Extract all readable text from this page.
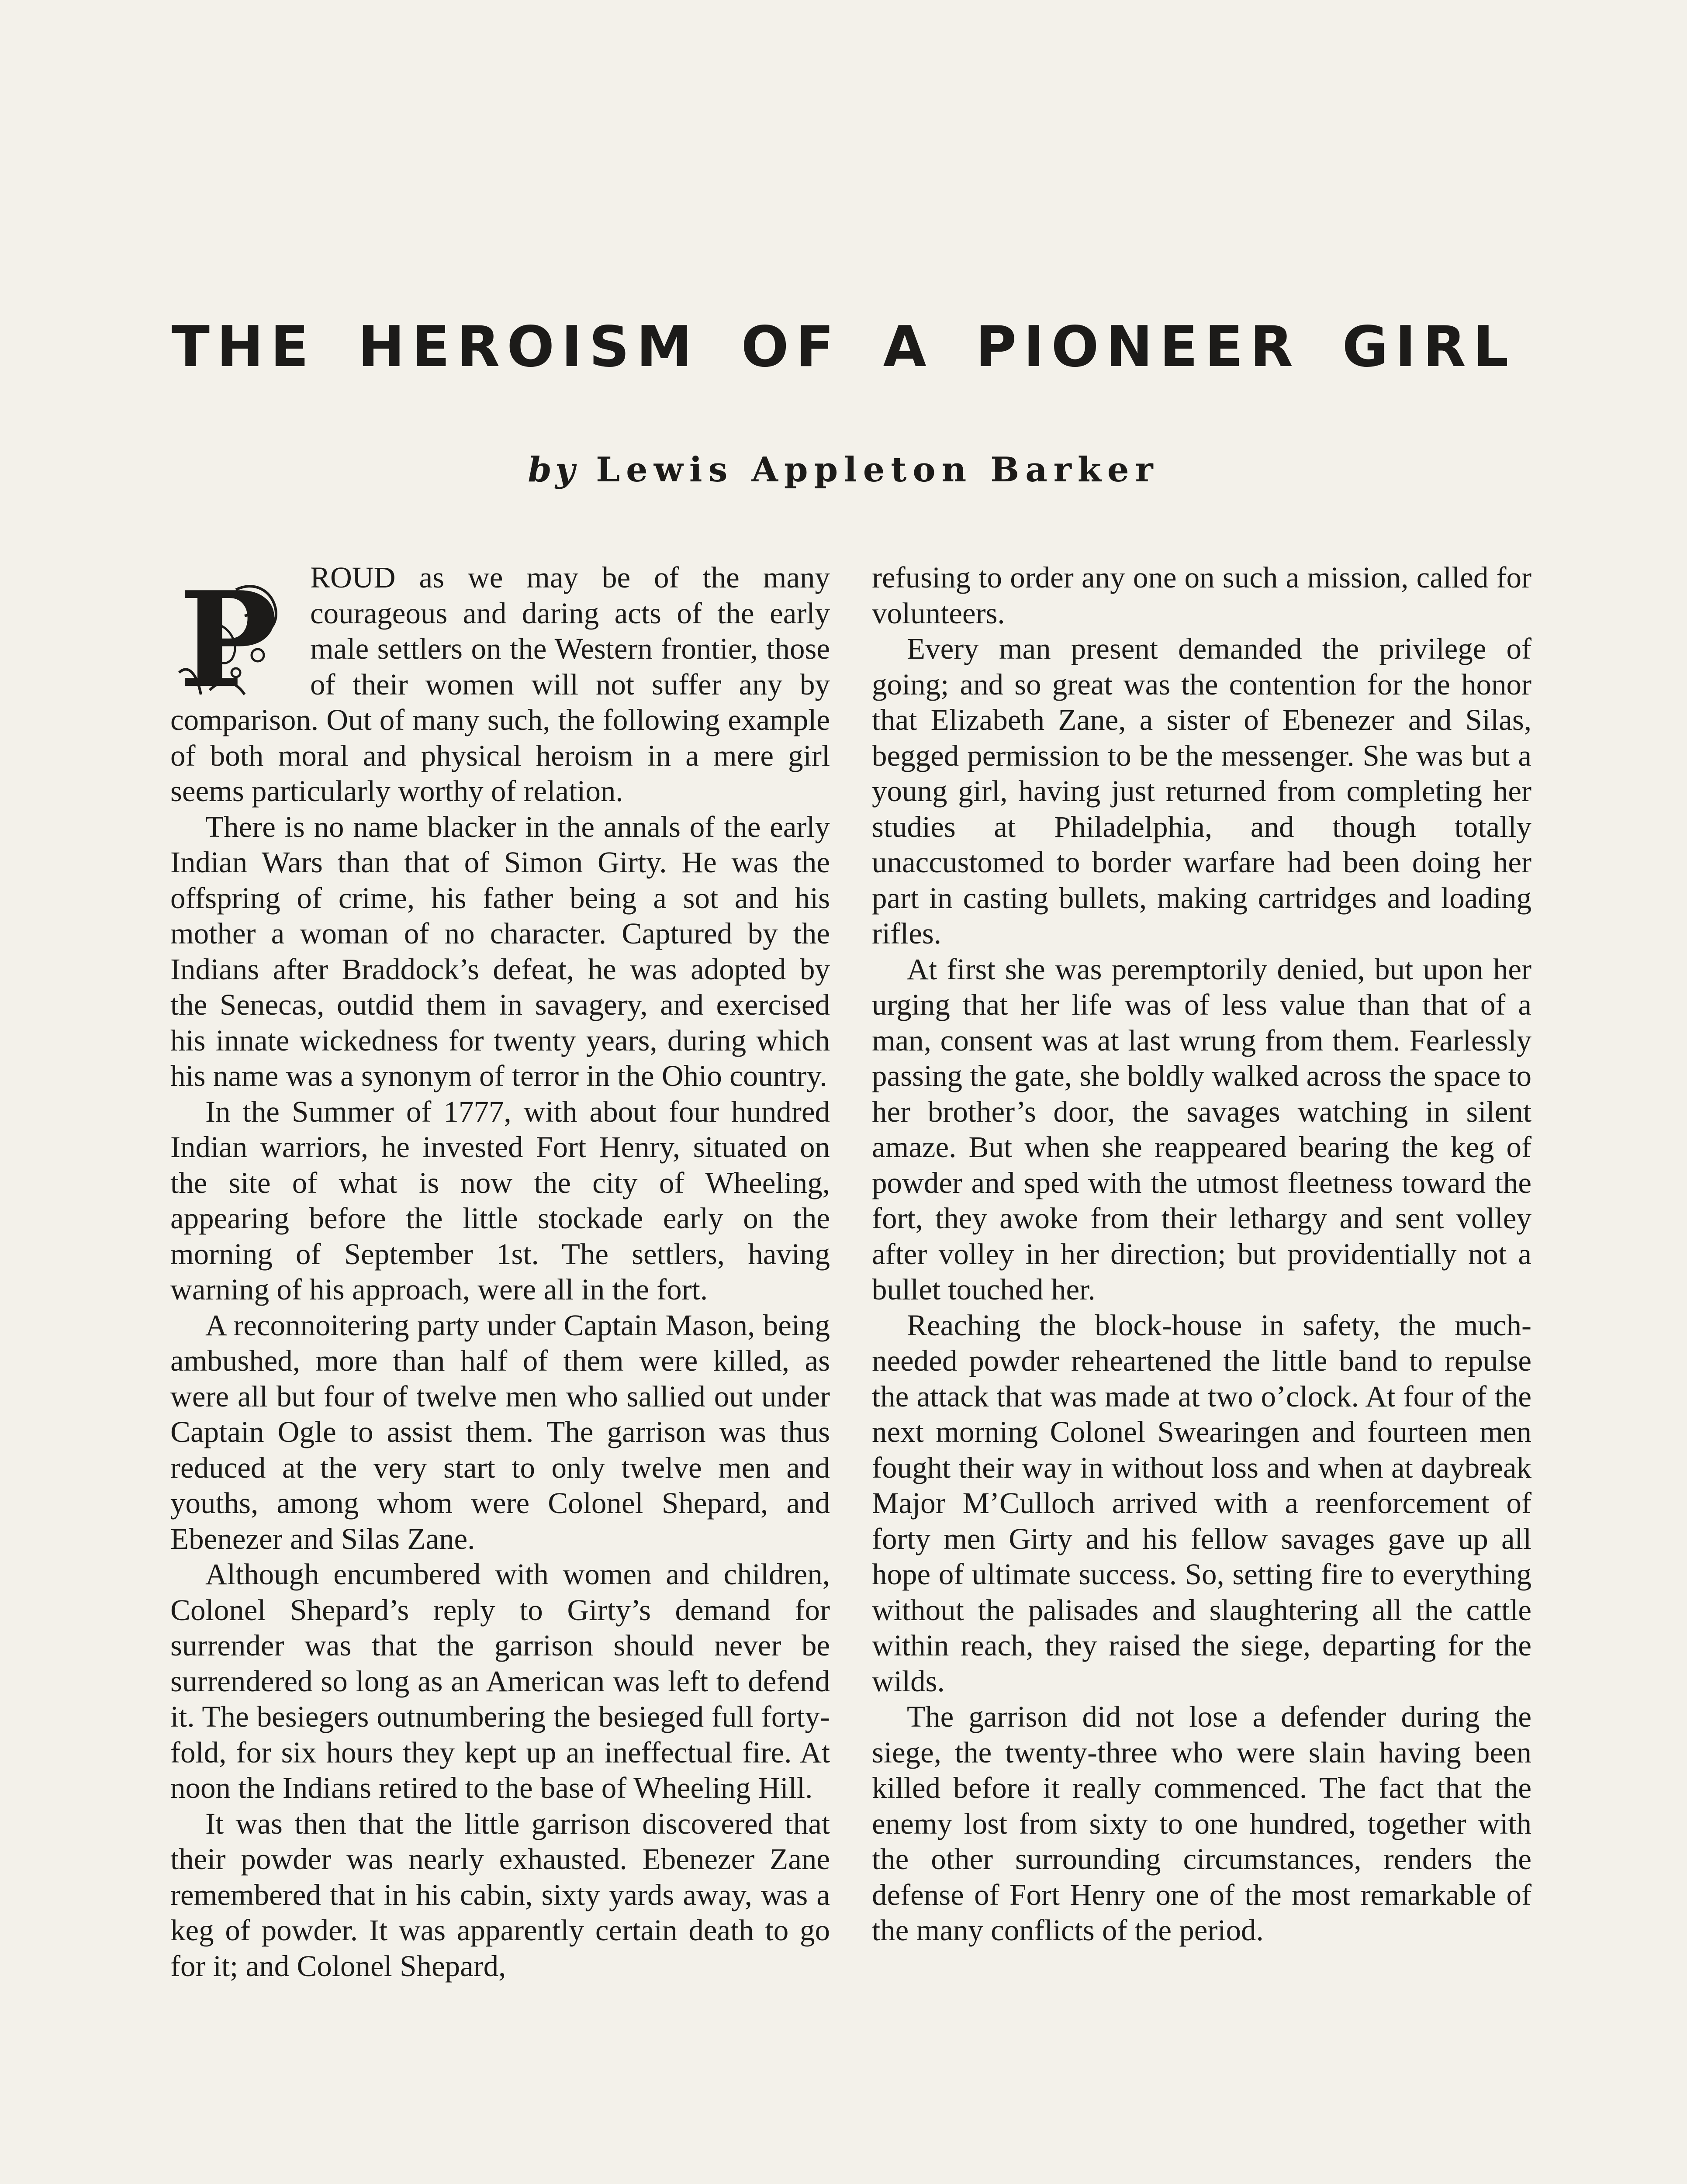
THE HEROISM OF A PIONEER GIRL
by Lewis Appleton Barker
P	ROUD as we may be of the many courageous and daring acts of the early male settlers on the Western frontier, those of their women will not suffer any by comparison. Out of many such, the following example of both moral and physical heroism in a mere girl seems particularly worthy of relation.

There is no name blacker in the annals of the early Indian Wars than that of Simon Girty. He was the offspring of crime, his father being a sot and his mother a woman of no character. Captured by the Indians after Braddock’s defeat, he was adopted by the Senecas, outdid them in savagery, and exercised his innate wickedness for twenty years, during which his name was a synonym of terror in the Ohio country.

In the Summer of 1777, with about four hundred Indian warriors, he invested Fort Henry, situated on the site of what is now the city of Wheeling, appearing before the little stockade early on the morning of September 1st. The settlers, having warning of his approach, were all in the fort.

A reconnoitering party under Captain Mason, being ambushed, more than half of them were killed, as were all but four of twelve men who sallied out under Captain Ogle to assist them. The garrison was thus reduced at the very start to only twelve men and youths, among whom were Colonel Shepard, and Ebenezer and Silas Zane.

Although encumbered with women and children, Colonel Shepard’s reply to Girty’s demand for surrender was that the garrison should never be surrendered so long as an American was left to defend it. The besiegers outnumbering the besieged full forty-fold, for six hours they kept up an ineffectual fire. At noon the Indians retired to the base of Wheeling Hill.

It was then that the little garrison discovered that their powder was nearly exhausted. Ebenezer Zane remembered that in his cabin, sixty yards away, was a keg of powder. It was apparently certain death to go for it; and Colonel Shepard,

refusing to order any one on such a mission, called for volunteers.

Every man present demanded the privilege of going; and so great was the contention for the honor that Elizabeth Zane, a sister of Ebenezer and Silas, begged permission to be the messenger. She was but a young girl, having just returned from completing her studies at Philadelphia, and though totally unaccustomed to border warfare had been doing her part in casting bullets, making cartridges and loading rifles.

At first she was peremptorily denied, but upon her urging that her life was of less value than that of a man, consent was at last wrung from them. Fearlessly passing the gate, she boldly walked across the space to her brother’s door, the savages watching in silent amaze. But when she reappeared bearing the keg of powder and sped with the utmost fleetness toward the fort, they awoke from their lethargy and sent volley after volley in her direction; but providentially not a bullet touched her.

Reaching the block-house in safety, the much-needed powder reheartened the little band to repulse the attack that was made at two o’clock. At four of the next morning Colonel Swearingen and fourteen men fought their way in without loss and when at daybreak Major M’Culloch arrived with a reenforcement of forty men Girty and his fellow savages gave up all hope of ultimate success. So, setting fire to everything without the palisades and slaughtering all the cattle within reach, they raised the siege, departing for the wilds.

The garrison did not lose a defender during the siege, the twenty-three who were slain having been killed before it really commenced. The fact that the enemy lost from sixty to one hundred, together with the other surrounding circumstances, renders the defense of Fort Henry one of the most remarkable of the many conflicts of the period.
